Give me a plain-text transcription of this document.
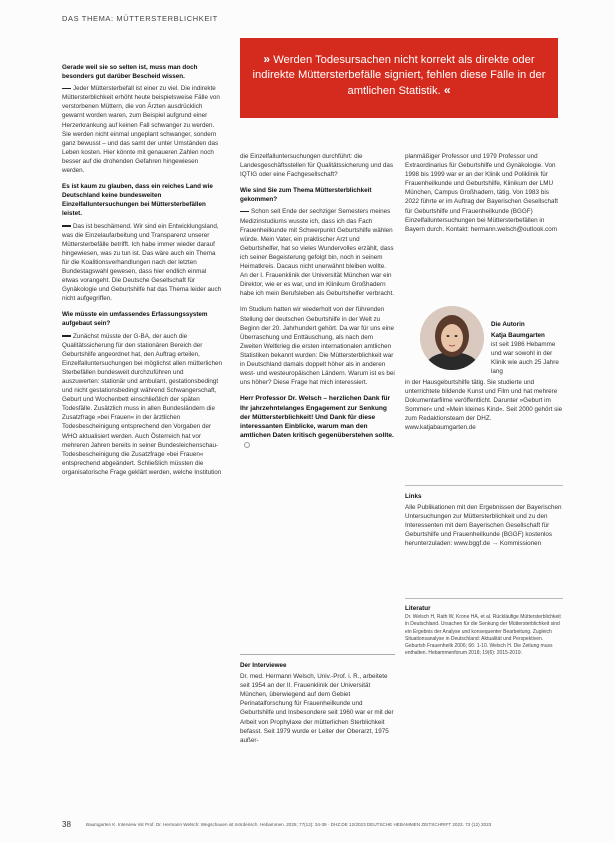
DAS THEMA: MÜTTERSTERBLICHKEIT
» Werden Todesursachen nicht korrekt als direkte oder indirekte Müttersterbefälle signiert, fehlen diese Fälle in der amtlichen Statistik. «

Gerade weil sie so selten ist, muss man doch besonders gut darüber Bescheid wissen.

Jeder Müttersterbefall ist einer zu viel. Die indirekte Müttersterblichkeit erhöht heute beispielsweise Fälle von verstorbenen Müttern, die von Ärzten ausdrücklich gewarnt worden waren, zum Beispiel aufgrund einer Herzerkrankung auf keinen Fall schwanger zu werden. Sie werden nicht einmal ungeplant schwanger, sondern ganz bewusst – und das samt der unter Umständen das Leben kosten. Hier könnte mit genaueren Zahlen noch besser auf die drohenden Gefahren hingewiesen werden.

Es ist kaum zu glauben, dass ein reiches Land wie Deutschland keine bundesweiten Einzelfalluntersuchungen bei Müttersterbefällen leistet.

Das ist beschämend. Wir sind ein Entwicklungsland, was die Einzelaufarbeitung und Transparenz unserer Müttersterbefälle betrifft. Ich habe immer wieder darauf hingewiesen, was zu tun ist. Das wäre auch ein Thema für die Koalitionsverhandlungen nach der letzten Bundestagswahl gewesen, dass hier endlich einmal etwas vorangeht. Die Deutsche Gesellschaft für Gynäkologie und Geburtshilfe hat das Thema leider auch nicht aufgegriffen.

Wie müsste ein umfassendes Erfassungssystem aufgebaut sein?

Zunächst müsste der G-BA, der auch die Qualitätssicherung für den stationären Bereich der Geburtshilfe angeordnet hat, den Auftrag erteilen, Einzelfalluntersuchungen bei möglichst allen mütterlichen Sterbefällen bundesweit durchzuführen und auszuwerten: stationär und ambulant, gestationsbedingt und nicht gestationsbedingt während Schwangerschaft, Geburt und Wochenbett einschließlich der späten Todesfälle. Zusätzlich muss in allen Bundesländern die Zusatzfrage »bei Frauen« in der ärztlichen Todesbescheinigung entsprechend den Vorgaben der WHO aktualisiert werden. Auch Österreich hat vor mehreren Jahren bereits in seiner Bundesleichenschau-Todesbescheinigung die Zusatzfrage »bei Frauen« entsprechend abgeändert. Schließlich müssten die organisatorische Frage geklärt werden, welche Institution

die Einzelfalluntersuchungen durchführt: die Landesgeschäftsstellen für Qualitätssicherung und das IQTIG oder eine Fachgesellschaft?

Wie sind Sie zum Thema Müttersterblichkeit gekommen?

Schon seit Ende der sechziger Semesters meines Medizinstudiums wusste ich, dass ich das Fach Frauenheilkunde mit Schwerpunkt Geburtshilfe wählen würde. Mein Vater, ein praktischer Arzt und Geburtshelfer, hat so vieles Wundervolles erzählt, dass ich seiner Begeisterung gefolgt bin, noch in seinem Heimatkreis. Dacaus nicht unerwähnt bleiben wollte. An der I. Frauenklinik der Universität München war ein Direktor, wie er es war, und im Klinikum Großhadern habe ich mein Berufsleben als Geburtshelfer verbracht.

Im Studium hatten wir wiederholt von der führenden Stellung der deutschen Geburtshilfe in der Welt zu Beginn der 20. Jahrhundert gehört. Da war für uns eine Überraschung und Enttäuschung, als nach dem Zweiten Weltkrieg die ersten internationalen amtlichen Statistiken bekannt wurden: Die Müttersterblichkeit war in Deutschland damals doppelt höher als in anderen west- und westeuropäischen Ländern. Warum ist es bei uns höher? Diese Frage hat mich interessiert.

Herr Professor Dr. Welsch – herzlichen Dank für Ihr jahrzehntelanges Engagement zur Senkung der Müttersterblichkeit! Und Dank für diese interessanten Einblicke, warum man den amtlichen Daten kritisch gegenüberstehen sollte.

Der Interviewee
Dr. med. Hermann Welsch, Univ.-Prof. i. R., arbeitete seit 1954 an der II. Frauenklinik der Universität München, überwiegend auf dem Gebiet Perinatalforschung für Frauenheilkunde und Geburtshilfe und Insbesondere seit 1960 war er mit der Arbeit von Prophylaxe der mütterlichen Sterblichkeit befasst. Seit 1979 wurde er Leiter der Oberarzt, 1975 außer-

planmäßiger Professor und 1979 Professor und Extraordinarius für Geburtshilfe und Gynäkologie. Von 1998 bis 1999 war er an der Klinik und Poliklinik für Frauenheilkunde und Geburtshilfe, Klinikum der LMU München, Campus Großhadern, tätig. Von 1983 bis 2022 führte er im Auftrag der Bayerischen Gesellschaft für Geburtshilfe und Frauenheilkunde (BGGF) Einzelfalluntersuchungen bei Müttersterbefällen in Bayern durch. Kontakt: hermann.welsch@outlook.com

Die Autorin
Katja Baumgarten
ist seit 1986 Hebamme und war sowohl in der Klinik wie auch 25 Jahre lang
in der Hausgeburtshilfe tätig. Sie studierte und unterrichtete bildende Kunst und Film und hat mehrere Dokumentarfilme veröffentlicht. Darunter »Geburt im Sommer« und »Mein kleines Kind«. Seit 2000 gehört sie zum Redaktionsteam der DHZ. www.katjabaumgarten.de
Links
Alle Publikationen mit den Ergebnissen der Bayerischen Untersuchungen zur Müttersterblichkeit und zu den Interessenten mit dem Bayerischen Gesellschaft für Geburtshilfe und Frauenheilkunde (BGGF) kostenlos herunterzuladen: www.bggf.de → Kommissionen
Literatur
Dr. Welsch H, Rath W, Krone HA, et al. Rückläufige Müttersterblichkeit in Deutschland. Ursachen für die Senkung der Müttersterblichkeit sind ein Ergebnis der Analyse und konsequenter Bearbeitung. Zugleich Situationsanalyse in Deutschland: Aktualität und Perspektiven. Geburtsh Frauenheilk 2006; 66: 1-10. Welsch H. Die Zeitung muss enthalten. Hebammenforum 2018; 19(6): 2015-2019.
38	Baumgarten K. Interview mit Prof. Dr. Hermann Welsch: Wegschauen ist mörderisch. Hebammen. 2025; 77(12): 34-39 · DHZ.DE 12/2023 DEUTSCHE HEBAMMEN ZEITSCHRIFT 2023. 73 (12) 2023
